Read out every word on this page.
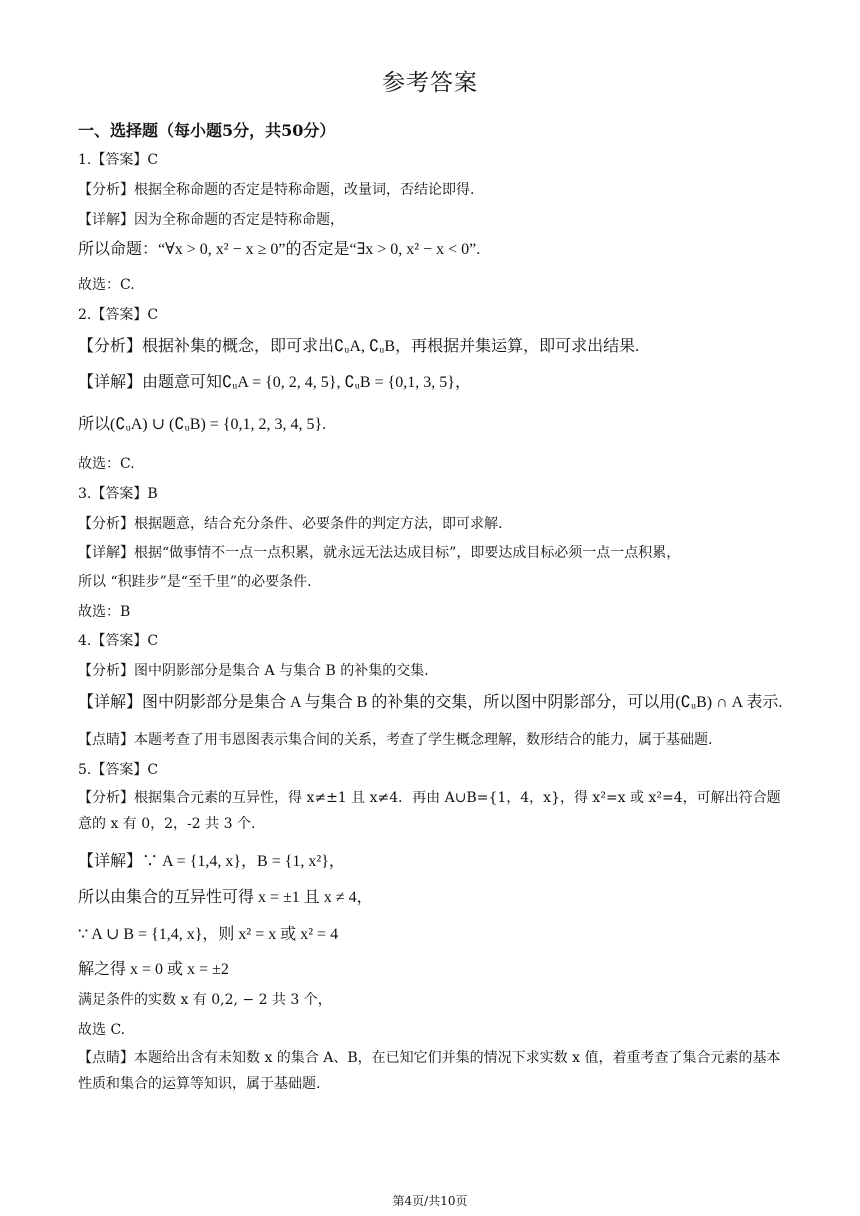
参考答案
一、选择题（每小题5分，共50分）
1.【答案】C
【分析】根据全称命题的否定是特称命题，改量词，否结论即得.
【详解】因为全称命题的否定是特称命题，
所以命题：“∀x > 0, x² − x ≥ 0”的否定是“∃x > 0, x² − x < 0”.
故选：C.
2.【答案】C
【分析】根据补集的概念，即可求出∁ᵤA, ∁ᵤB，再根据并集运算，即可求出结果.
【详解】由题意可知∁ᵤA = {0, 2, 4, 5}, ∁ᵤB = {0,1, 3, 5}，
所以(∁ᵤA) ∪ (∁ᵤB) = {0,1, 2, 3, 4, 5}.
故选：C.
3.【答案】B
【分析】根据题意，结合充分条件、必要条件的判定方法，即可求解.
【详解】根据“做事情不一点一点积累，就永远无法达成目标”，即要达成目标必须一点一点积累，
所以 “积跬步”是“至千里”的必要条件.
故选：B
4.【答案】C
【分析】图中阴影部分是集合 A 与集合 B 的补集的交集.
【详解】图中阴影部分是集合 A 与集合 B 的补集的交集，所以图中阴影部分，可以用(∁ᵤB) ∩ A 表示.
【点睛】本题考查了用韦恩图表示集合间的关系，考查了学生概念理解，数形结合的能力，属于基础题.
5.【答案】C
【分析】根据集合元素的互异性，得 x≠±1 且 x≠4．再由 A∪B={1，4，x}，得 x²=x 或 x²=4，可解出符合题意的 x 有 0，2，-2 共 3 个.
【详解】∵ A = {1,4, x}，B = {1, x²}，
所以由集合的互异性可得 x = ±1 且 x ≠ 4，
∵ A ∪ B = {1,4, x}，则 x² = x 或 x² = 4
解之得 x = 0 或 x = ±2
满足条件的实数 x 有 0,2, − 2 共 3 个，
故选 C.
【点睛】本题给出含有未知数 x 的集合 A、B，在已知它们并集的情况下求实数 x 值，着重考查了集合元素的基本性质和集合的运算等知识，属于基础题.
第4页/共10页
